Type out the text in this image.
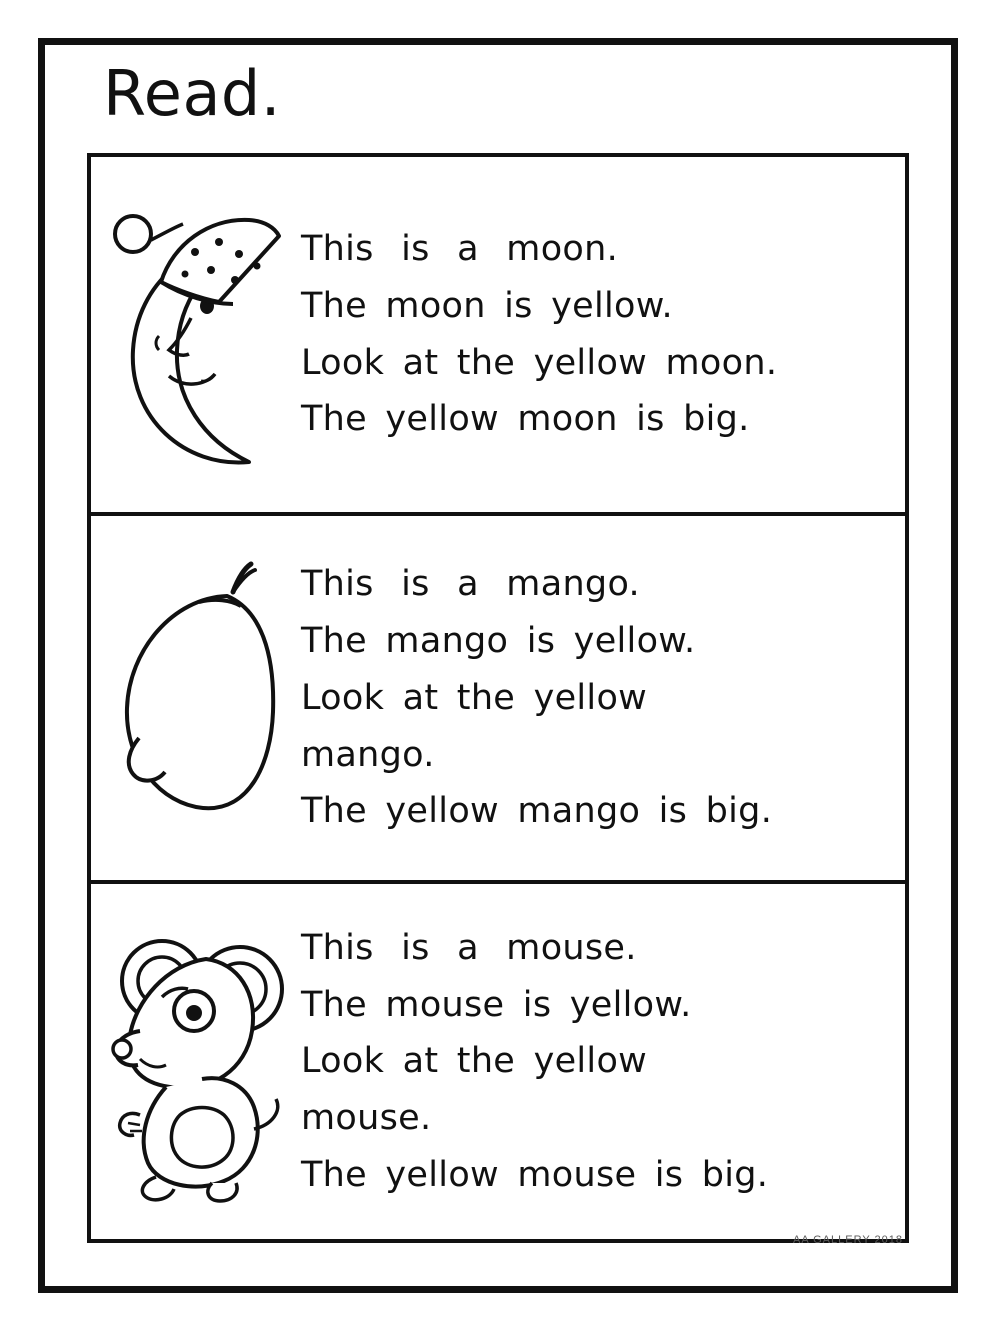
Read.
This is a moon.
The moon is yellow.
Look at the yellow moon.
The yellow moon is big.
This is a mango.
The mango is yellow.
Look at the yellow
mango.
The yellow mango is big.
This is a mouse.
The mouse is yellow.
Look at the yellow
mouse.
The yellow mouse is big.
AA GALLERY 2018
